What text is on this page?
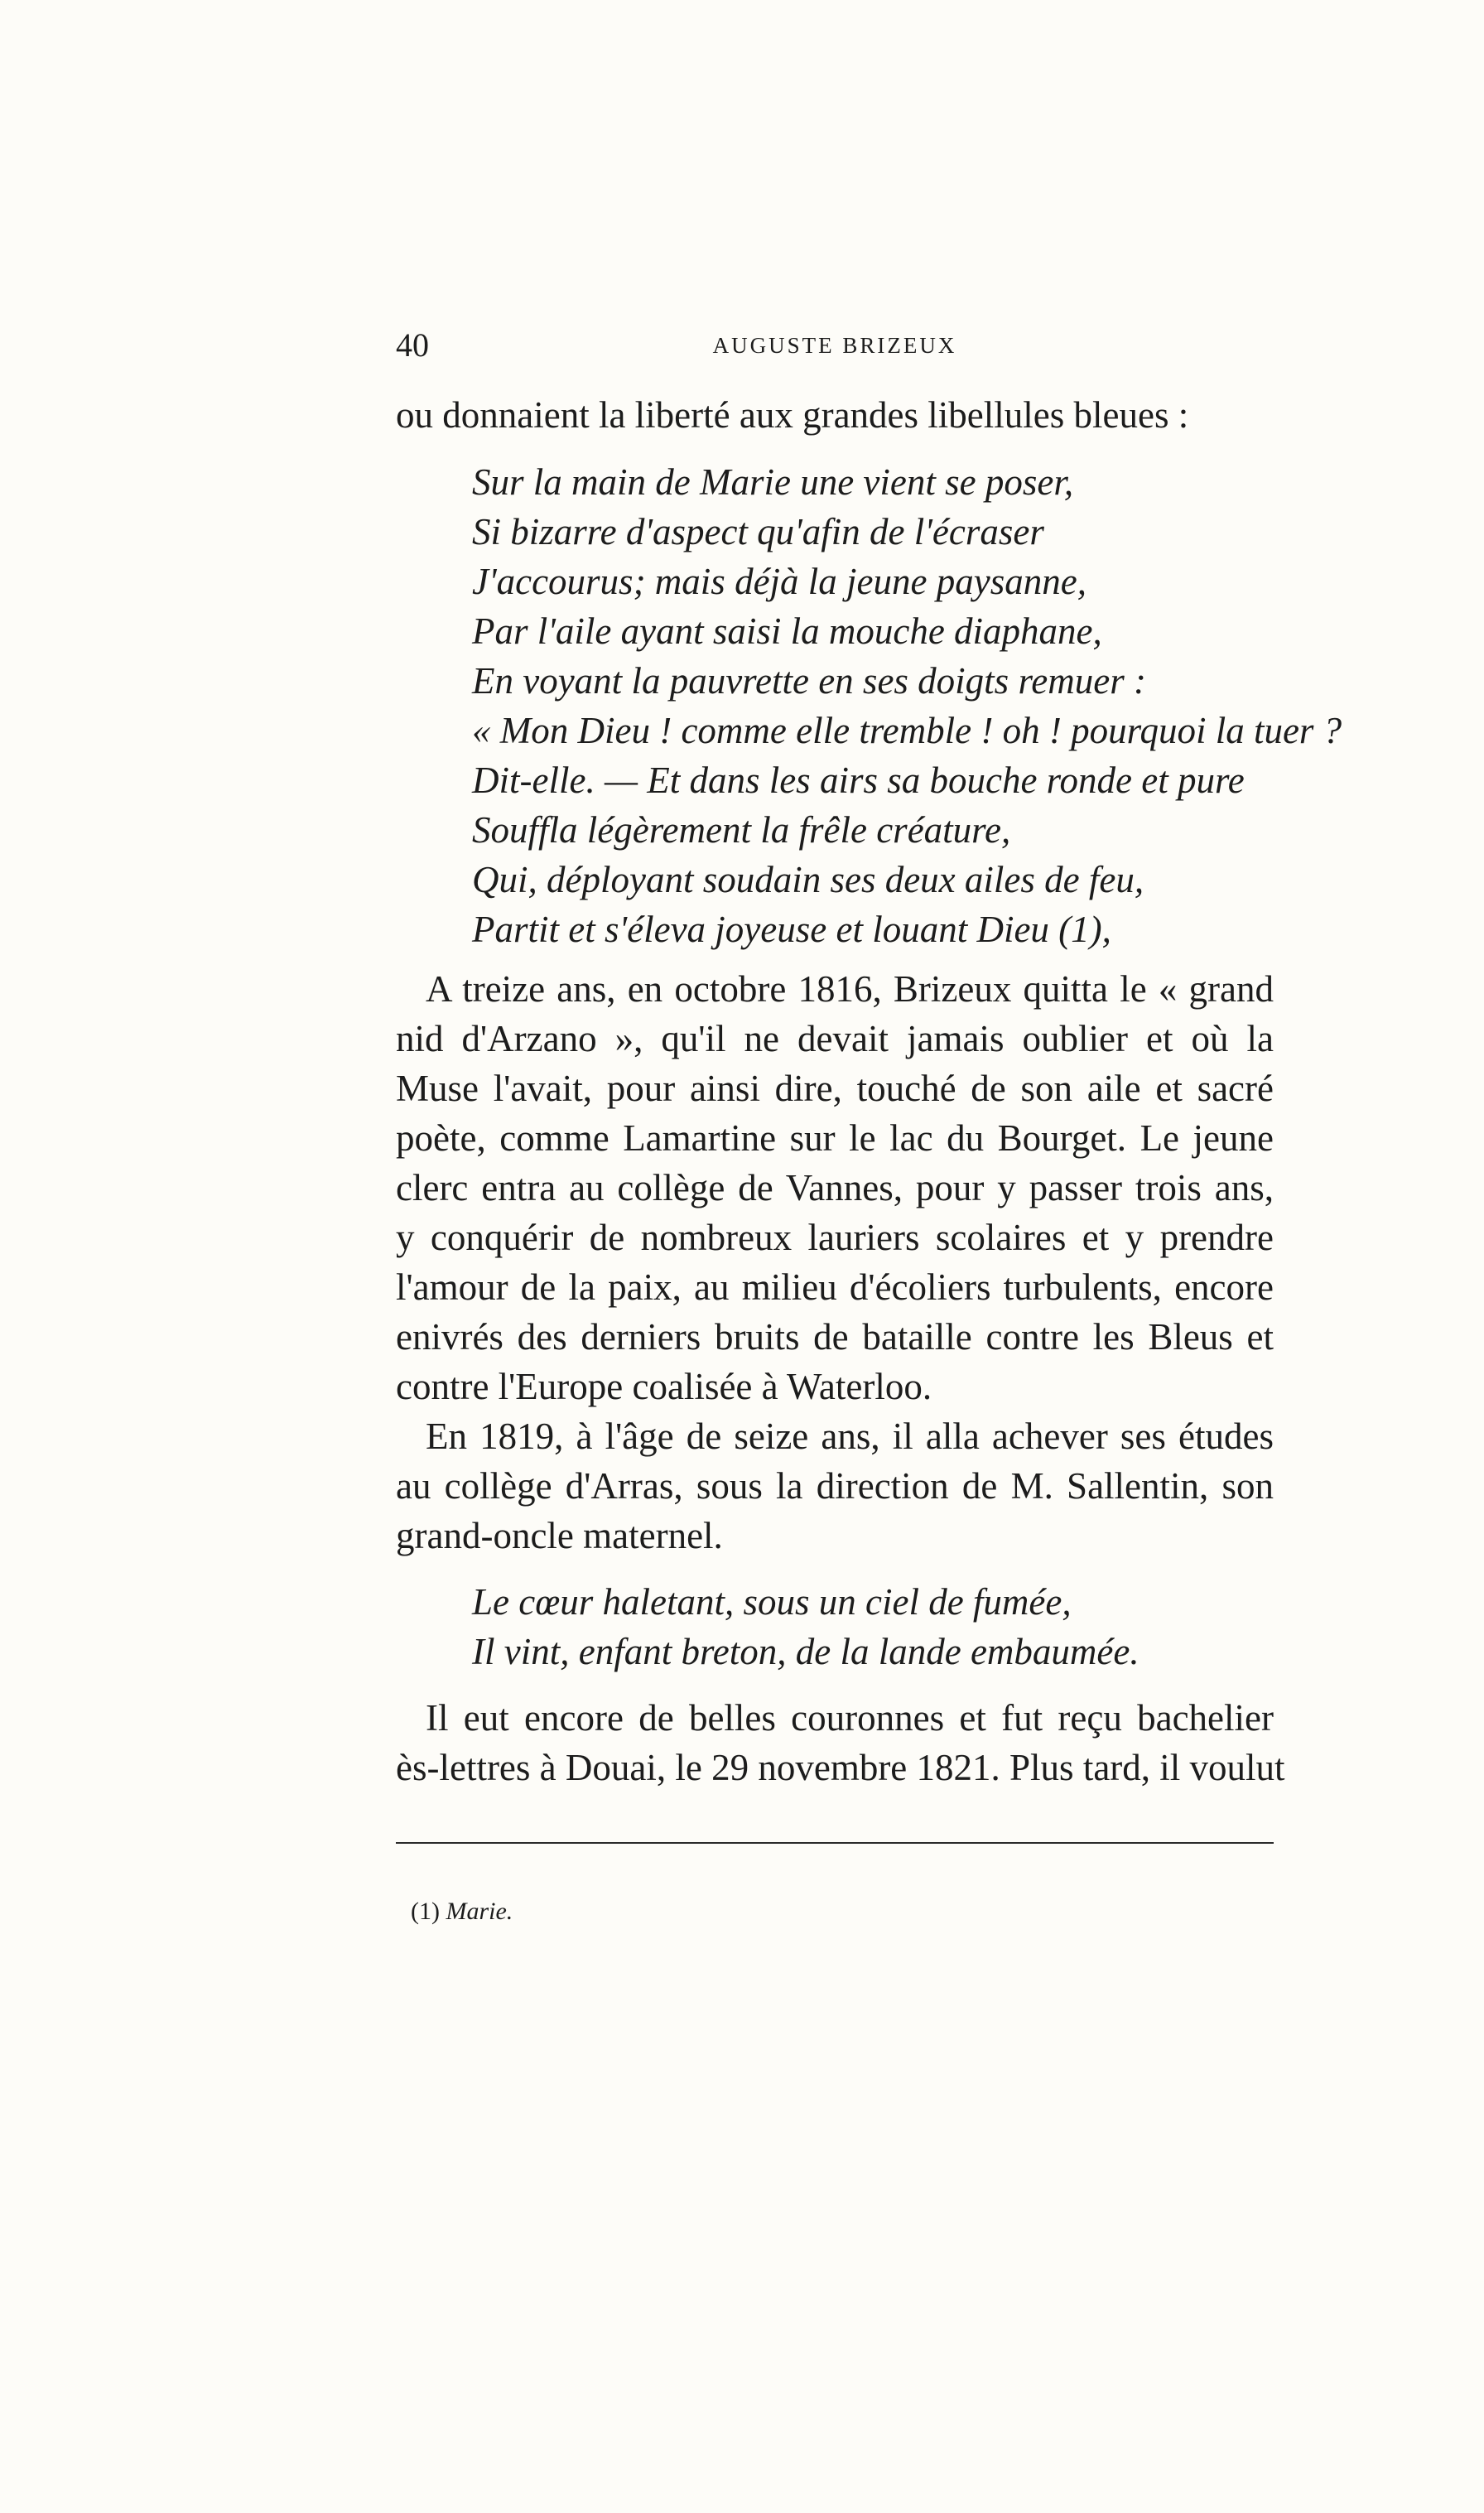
40	AUGUSTE BRIZEUX
ou donnaient la liberté aux grandes libellules bleues :
Sur la main de Marie une vient se poser,
Si bizarre d'aspect qu'afin de l'écraser
J'accourus; mais déjà la jeune paysanne,
Par l'aile ayant saisi la mouche diaphane,
En voyant la pauvrette en ses doigts remuer :
« Mon Dieu ! comme elle tremble ! oh ! pourquoi la tuer ?
Dit-elle. — Et dans les airs sa bouche ronde et pure
Souffla légèrement la frêle créature,
Qui, déployant soudain ses deux ailes de feu,
Partit et s'éleva joyeuse et louant Dieu (1),
A treize ans, en octobre 1816, Brizeux quitta le « grand
nid d'Arzano », qu'il ne devait jamais oublier et où la
Muse l'avait, pour ainsi dire, touché de son aile et sacré
poète, comme Lamartine sur le lac du Bourget. Le jeune
clerc entra au collège de Vannes, pour y passer trois ans,
y conquérir de nombreux lauriers scolaires et y prendre
l'amour de la paix, au milieu d'écoliers turbulents, encore
enivrés des derniers bruits de bataille contre les Bleus et
contre l'Europe coalisée à Waterloo.
En 1819, à l'âge de seize ans, il alla achever ses études
au collège d'Arras, sous la direction de M. Sallentin, son
grand-oncle maternel.
Le cœur haletant, sous un ciel de fumée,
Il vint, enfant breton, de la lande embaumée.
Il eut encore de belles couronnes et fut reçu bachelier
ès-lettres à Douai, le 29 novembre 1821. Plus tard, il voulut
(1) Marie.
